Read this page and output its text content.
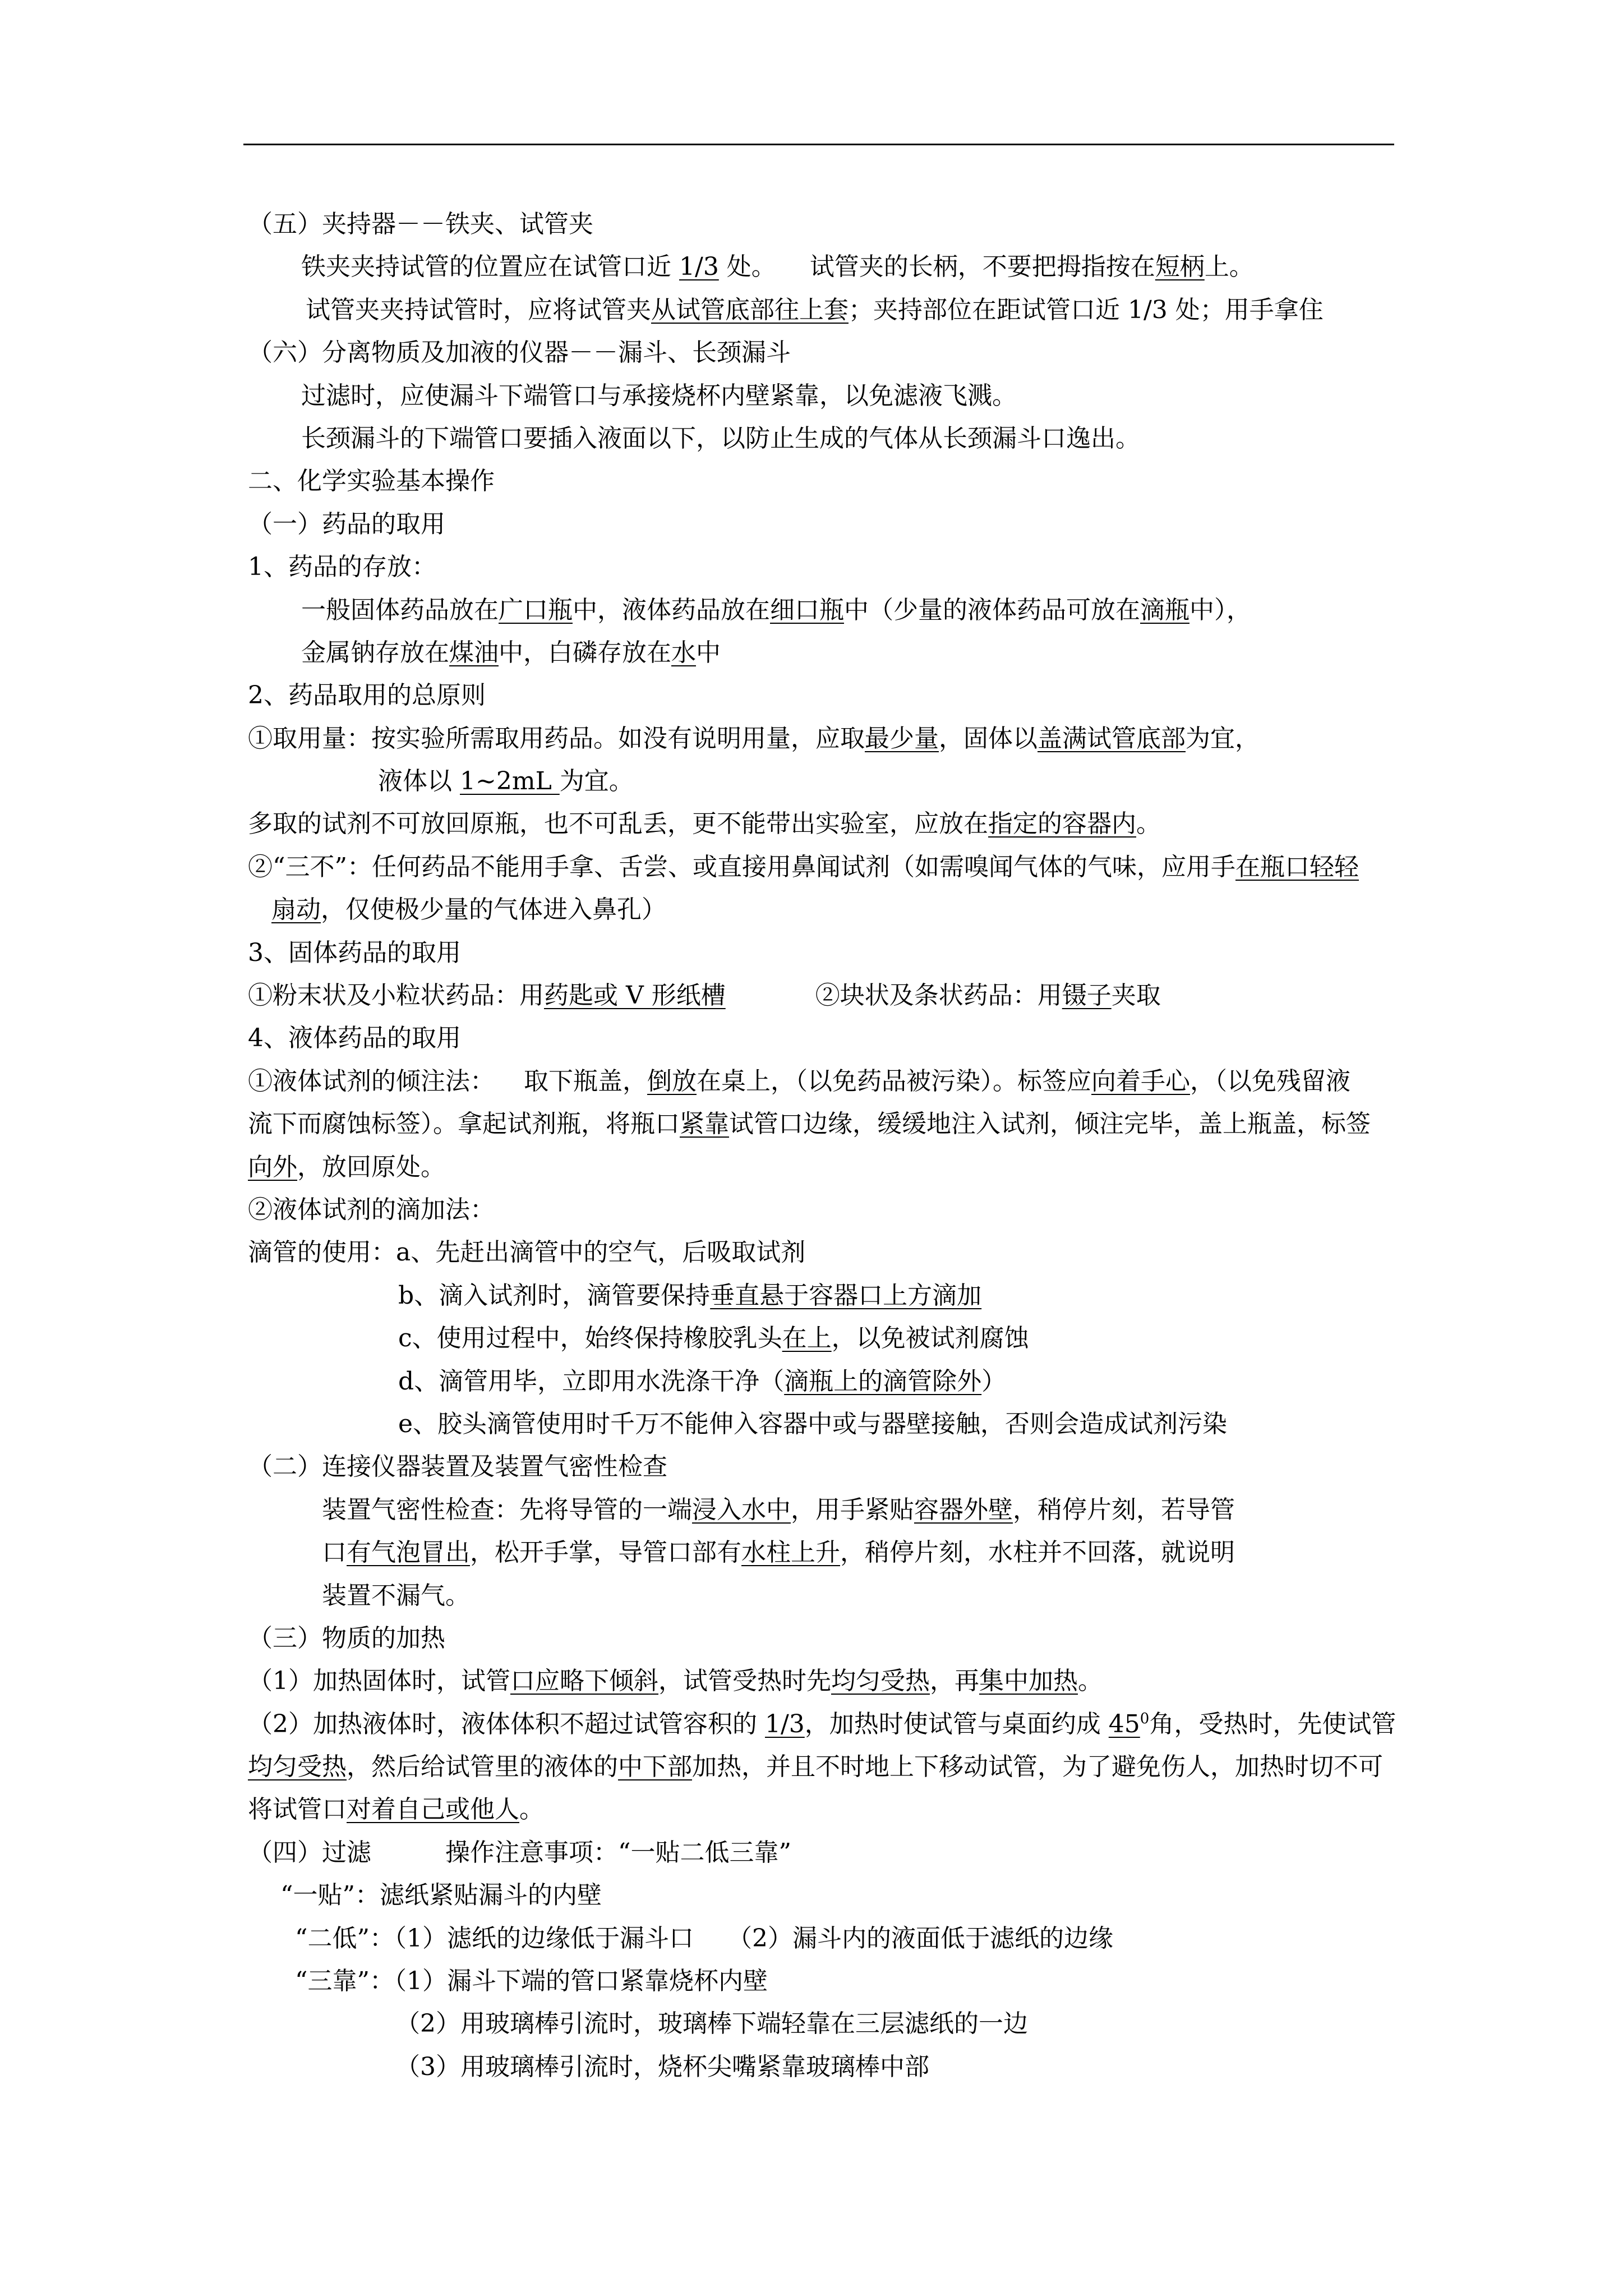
（五）夹持器－－铁夹、试管夹
铁夹夹持试管的位置应在试管口近 1/3 处。 试管夹的长柄，不要把拇指按在短柄上。
试管夹夹持试管时，应将试管夹从试管底部往上套；夹持部位在距试管口近 1/3 处；用手拿住
（六）分离物质及加液的仪器－－漏斗、长颈漏斗
过滤时，应使漏斗下端管口与承接烧杯内壁紧靠，以免滤液飞溅。
长颈漏斗的下端管口要插入液面以下，以防止生成的气体从长颈漏斗口逸出。
二、化学实验基本操作
（一）药品的取用
1、药品的存放：
一般固体药品放在广口瓶中，液体药品放在细口瓶中（少量的液体药品可放在滴瓶中），
金属钠存放在煤油中，白磷存放在水中
2、药品取用的总原则
①取用量：按实验所需取用药品。如没有说明用量，应取最少量，固体以盖满试管底部为宜，
液体以 1~2mL 为宜。
多取的试剂不可放回原瓶，也不可乱丢，更不能带出实验室，应放在指定的容器内。
②“三不”：任何药品不能用手拿、舌尝、或直接用鼻闻试剂（如需嗅闻气体的气味，应用手在瓶口轻轻
扇动，仅使极少量的气体进入鼻孔）
3、固体药品的取用
①粉末状及小粒状药品：用药匙或 V 形纸槽	②块状及条状药品：用镊子夹取
4、液体药品的取用
①液体试剂的倾注法： 取下瓶盖，倒放在桌上，（以免药品被污染）。标签应向着手心，（以免残留液
流下而腐蚀标签）。拿起试剂瓶，将瓶口紧靠试管口边缘，缓缓地注入试剂，倾注完毕，盖上瓶盖，标签
向外，放回原处。
②液体试剂的滴加法：
滴管的使用：a、先赶出滴管中的空气，后吸取试剂
b、滴入试剂时，滴管要保持垂直悬于容器口上方滴加
c、使用过程中，始终保持橡胶乳头在上，以免被试剂腐蚀
d、滴管用毕，立即用水洗涤干净（滴瓶上的滴管除外）
e、胶头滴管使用时千万不能伸入容器中或与器壁接触，否则会造成试剂污染
（二）连接仪器装置及装置气密性检查
装置气密性检查：先将导管的一端浸入水中，用手紧贴容器外壁，稍停片刻，若导管
口有气泡冒出，松开手掌，导管口部有水柱上升，稍停片刻，水柱并不回落，就说明
装置不漏气。
（三）物质的加热
（1）加热固体时，试管口应略下倾斜，试管受热时先均匀受热，再集中加热。
（2）加热液体时，液体体积不超过试管容积的 1/3，加热时使试管与桌面约成 $45^0$角，受热时，先使试管
均匀受热，然后给试管里的液体的中下部加热，并且不时地上下移动试管，为了避免伤人，加热时切不可
将试管口对着自己或他人。
（四）过滤	操作注意事项：“一贴二低三靠”
“一贴”：滤纸紧贴漏斗的内壁
“二低”：（1）滤纸的边缘低于漏斗口 （2）漏斗内的液面低于滤纸的边缘
“三靠”：（1）漏斗下端的管口紧靠烧杯内壁
（2）用玻璃棒引流时，玻璃棒下端轻靠在三层滤纸的一边
（3）用玻璃棒引流时，烧杯尖嘴紧靠玻璃棒中部
